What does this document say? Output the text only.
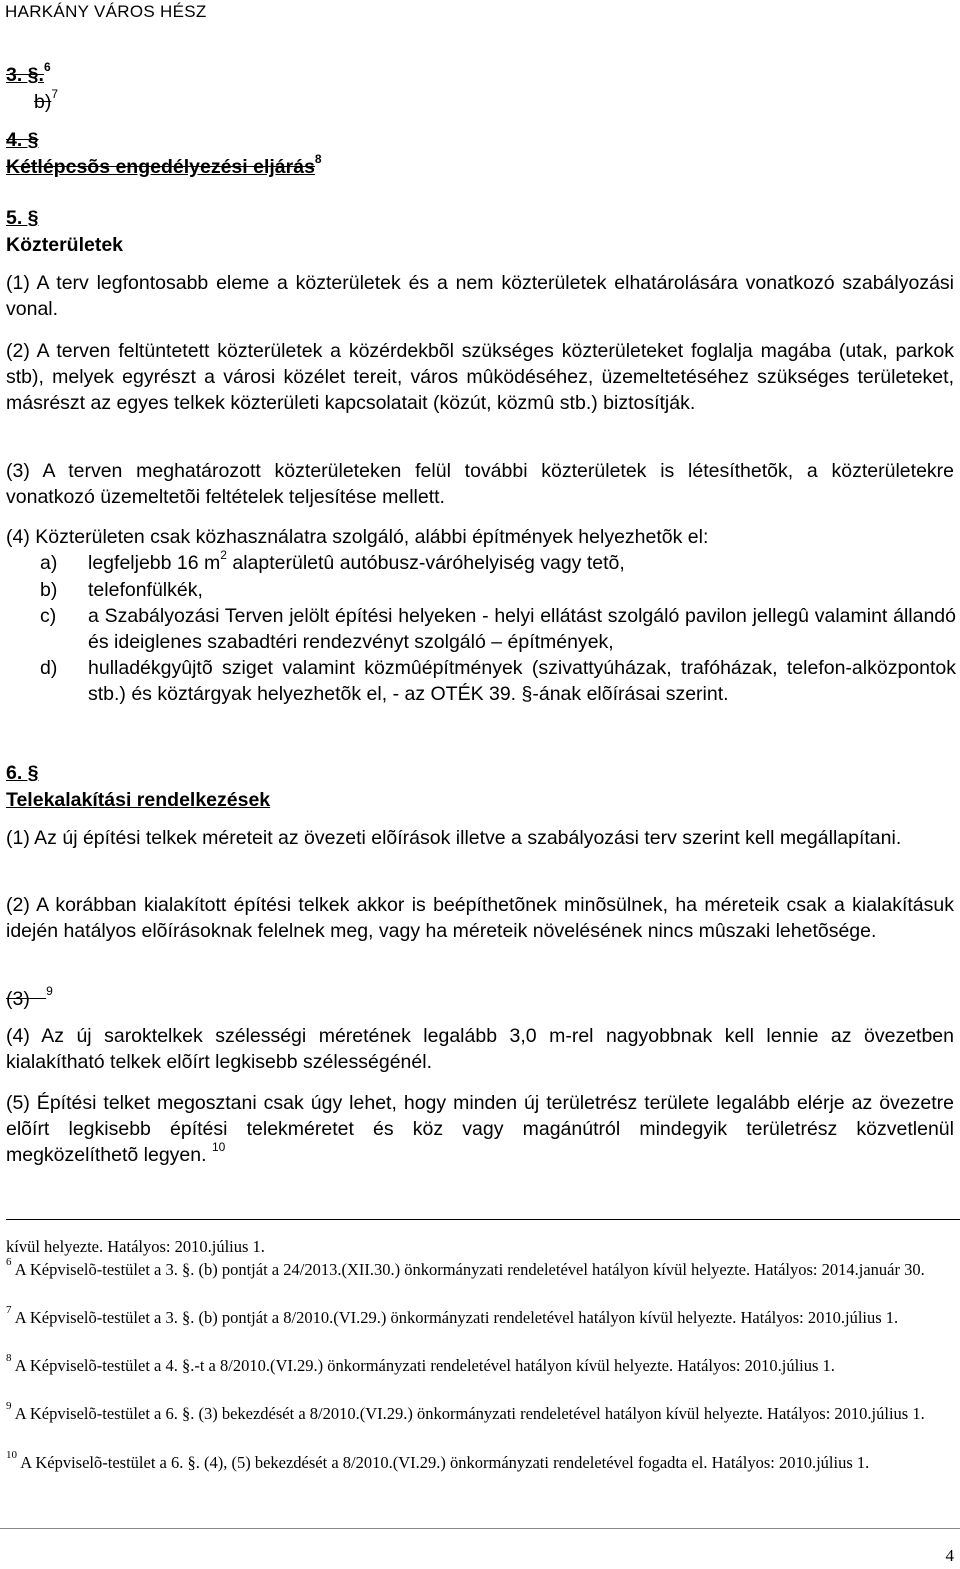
HARKÁNY VÁROS HÉSZ
3. §.$^6$
b)$^7$
4. §
Kétlépcsõs engedélyezési eljárás$^8$
5. §
Közterületek
(1) A terv legfontosabb eleme a közterületek és a nem közterületek elhatárolására vonatkozó szabályozási vonal.
(2) A terven feltüntetett közterületek a közérdekbõl szükséges közterületeket foglalja magába (utak, parkok stb), melyek egyrészt a városi közélet tereit, város mûködéséhez, üzemeltetéséhez szükséges területeket, másrészt az egyes telkek közterületi kapcsolatait (közút, közmû stb.) biztosítják.
(3) A terven meghatározott közterületeken felül további közterületek is létesíthetõk, a közterületekre vonatkozó üzemeltetõi feltételek teljesítése mellett.
(4) Közterületen csak közhasználatra szolgáló, alábbi építmények helyezhetõk el:
a) legfeljebb 16 $m^2$ alapterületû autóbusz-váróhelyiség vagy tetõ,
b) telefonfülkék,
c) a Szabályozási Terven jelölt építési helyeken - helyi ellátást szolgáló pavilon jellegû valamint állandó és ideiglenes szabadtéri rendezvényt szolgáló – építmények,
d) hulladékgyûjtõ sziget valamint közmûépítmények (szivattyúházak, trafóházak, telefon-alközpontok stb.) és köztárgyak helyezhetõk el, - az OTÉK 39. §-ának elõírásai szerint.
6. §
Telekalakítási rendelkezések
(1) Az új építési telkek méreteit az övezeti elõírások illetve a szabályozási terv szerint kell megállapítani.
(2) A korábban kialakított építési telkek akkor is beépíthetõnek minõsülnek, ha méreteik csak a kialakításuk idején hatályos elõírásoknak felelnek meg, vagy ha méreteik növelésének nincs mûszaki lehetõsége.
(3) $^9$
(4) Az új saroktelkek szélességi méretének legalább 3,0 m-rel nagyobbnak kell lennie az övezetben kialakítható telkek elõírt legkisebb szélességénél.
(5) Építési telket megosztani csak úgy lehet, hogy minden új területrész területe legalább elérje az övezetre elõírt legkisebb építési telekméretet és köz vagy magánútról mindegyik területrész közvetlenül megközelíthetõ legyen. $^{10}$
kívül helyezte. Hatályos: 2010.július 1.
$^6$ A Képviselõ-testület a 3. §. (b) pontját a 24/2013.(XII.30.) önkormányzati rendeletével hatályon kívül helyezte. Hatályos: 2014.január 30.
$^7$ A Képviselõ-testület a 3. §. (b) pontját a 8/2010.(VI.29.) önkormányzati rendeletével hatályon kívül helyezte. Hatályos: 2010.július 1.
$^8$ A Képviselõ-testület a 4. §.-t a 8/2010.(VI.29.) önkormányzati rendeletével hatályon kívül helyezte. Hatályos: 2010.július 1.
$^9$ A Képviselõ-testület a 6. §. (3) bekezdését a 8/2010.(VI.29.) önkormányzati rendeletével hatályon kívül helyezte. Hatályos: 2010.július 1.
$^{10}$ A Képviselõ-testület a 6. §. (4), (5) bekezdését a 8/2010.(VI.29.) önkormányzati rendeletével fogadta el. Hatályos: 2010.július 1.
4
